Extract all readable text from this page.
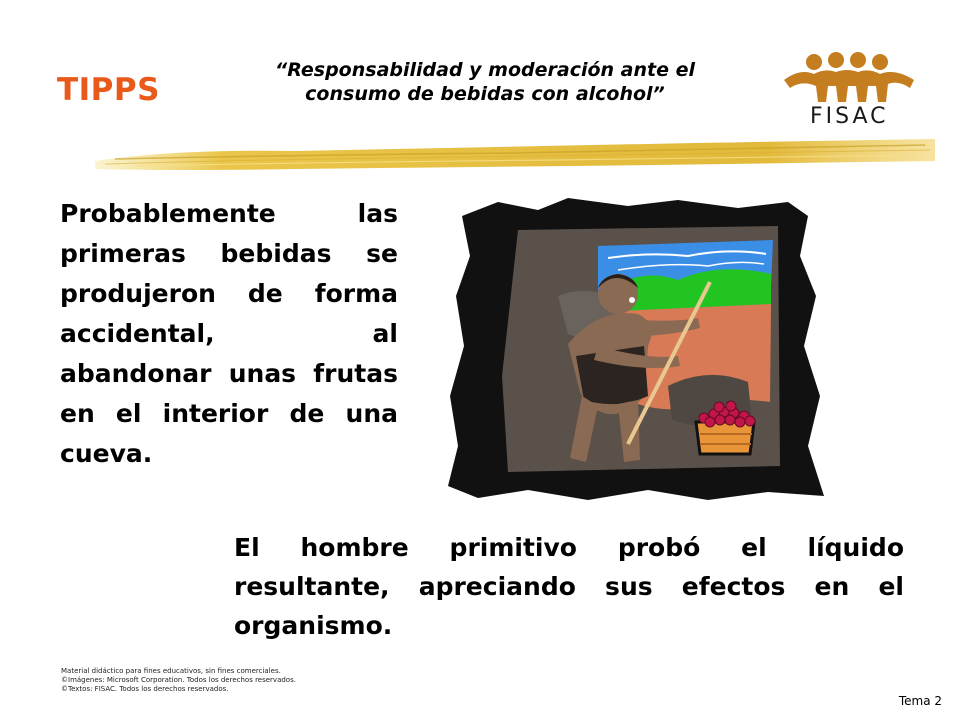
TIPPS
“Responsabilidad y moderación ante el
consumo de bebidas con alcohol”
FISAC
Probablemente las primeras bebidas se produjeron de forma accidental, al abandonar unas frutas en el interior de una cueva.
El hombre primitivo probó el líquido resultante, apreciando sus efectos en el organismo.
Material didáctico para fines educativos, sin fines comerciales.
©Imágenes: Microsoft Corporation. Todos los derechos reservados.
©Textos: FISAC. Todos los derechos reservados.
Tema 2
